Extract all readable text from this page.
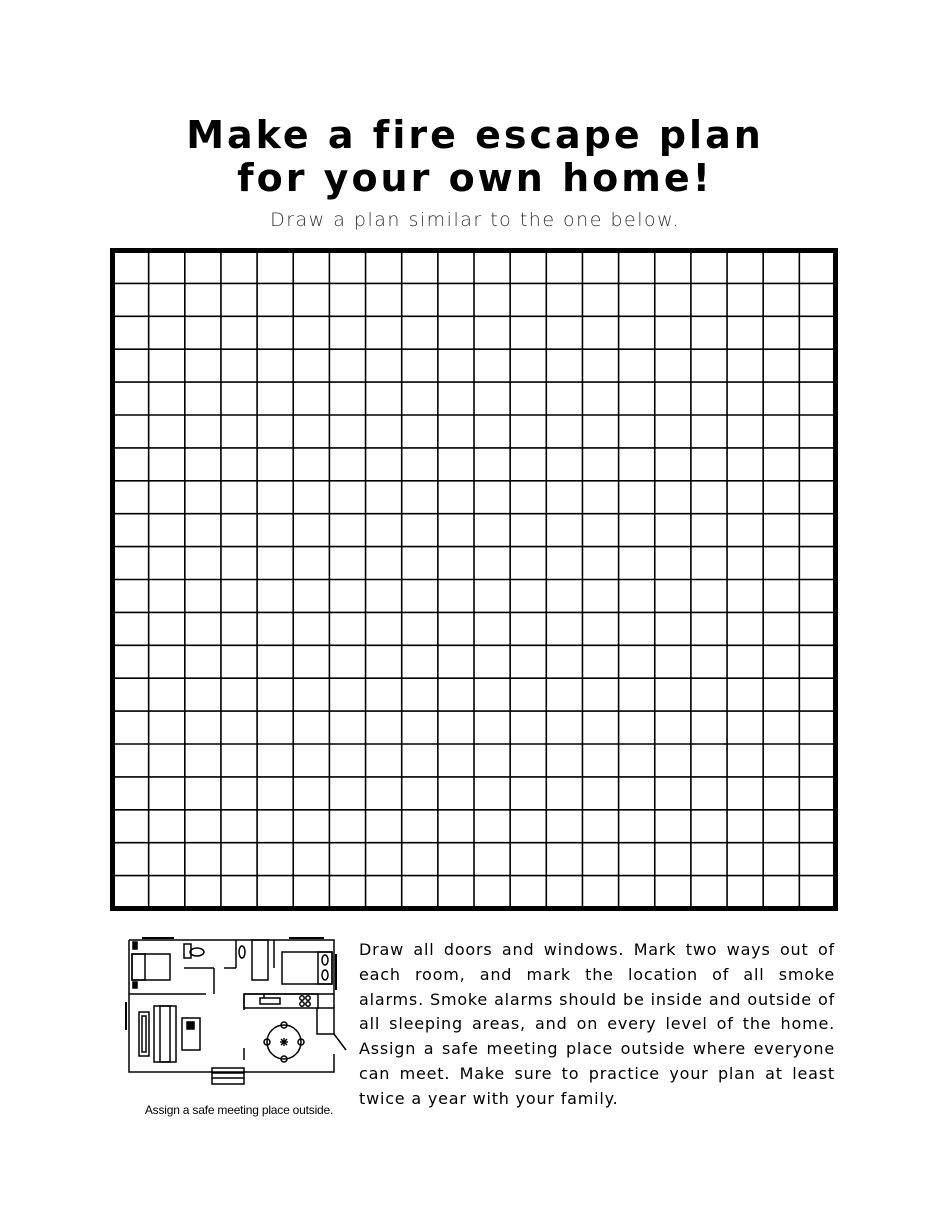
Make a fire escape plan
for your own home!
Draw a plan similar to the one below.
Assign a safe meeting place outside.

Draw all doors and windows. Mark two ways out of each room, and mark the location of all smoke alarms. Smoke alarms should be inside and outside of all sleeping areas, and on every level of the home. Assign a safe meeting place outside where everyone can meet. Make sure to practice your plan at least twice a year with your family.
